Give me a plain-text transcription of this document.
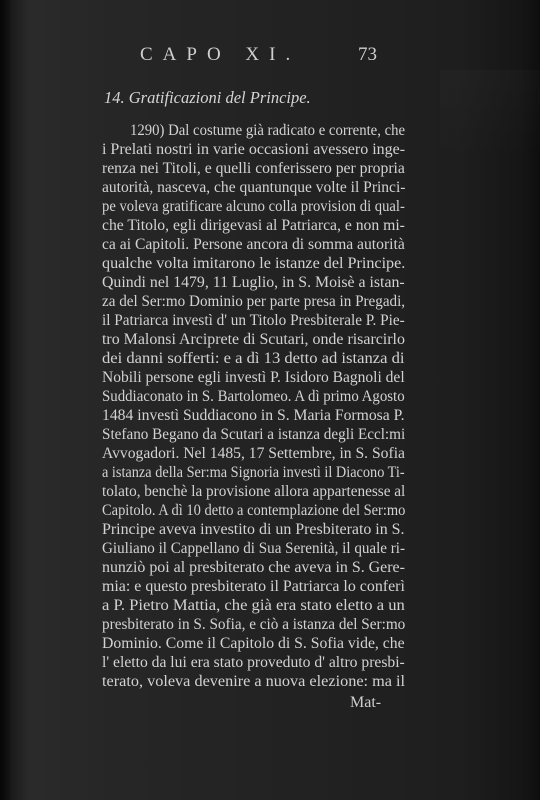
CAPO XI.	73
14. Gratificazioni del Principe.
1290) Dal costume già radicato e corrente, che
i Prelati nostri in varie occasioni avessero inge-
renza nei Titoli, e quelli conferissero per propria
autorità, nasceva, che quantunque volte il Princi-
pe voleva gratificare alcuno colla provision di qual-
che Titolo, egli dirigevasi al Patriarca, e non mi-
ca ai Capitoli. Persone ancora di somma autorità
qualche volta imitarono le istanze del Principe.
Quindi nel 1479, 11 Luglio, in S. Moisè a istan-
za del Ser:mo Dominio per parte presa in Pregadi,
il Patriarca investì d' un Titolo Presbiterale P. Pie-
tro Malonsi Arciprete di Scutari, onde risarcirlo
dei danni sofferti: e a dì 13 detto ad istanza di
Nobili persone egli investì P. Isidoro Bagnoli del
Suddiaconato in S. Bartolomeo. A dì primo Agosto
1484 investì Suddiacono in S. Maria Formosa P.
Stefano Begano da Scutari a istanza degli Eccl:mi
Avvogadori. Nel 1485, 17 Settembre, in S. Sofia
a istanza della Ser:ma Signoria investì il Diacono Ti-
tolato, benchè la provisione allora appartenesse al
Capitolo. A dì 10 detto a contemplazione del Ser:mo
Principe aveva investito di un Presbiterato in S.
Giuliano il Cappellano di Sua Serenità, il quale ri-
nunziò poi al presbiterato che aveva in S. Gere-
mia: e questo presbiterato il Patriarca lo conferì
a P. Pietro Mattia, che già era stato eletto a un
presbiterato in S. Sofia, e ciò a istanza del Ser:mo
Dominio. Come il Capitolo di S. Sofia vide, che
l' eletto da lui era stato proveduto d' altro presbi-
terato, voleva devenire a nuova elezione: ma il
Mat-
